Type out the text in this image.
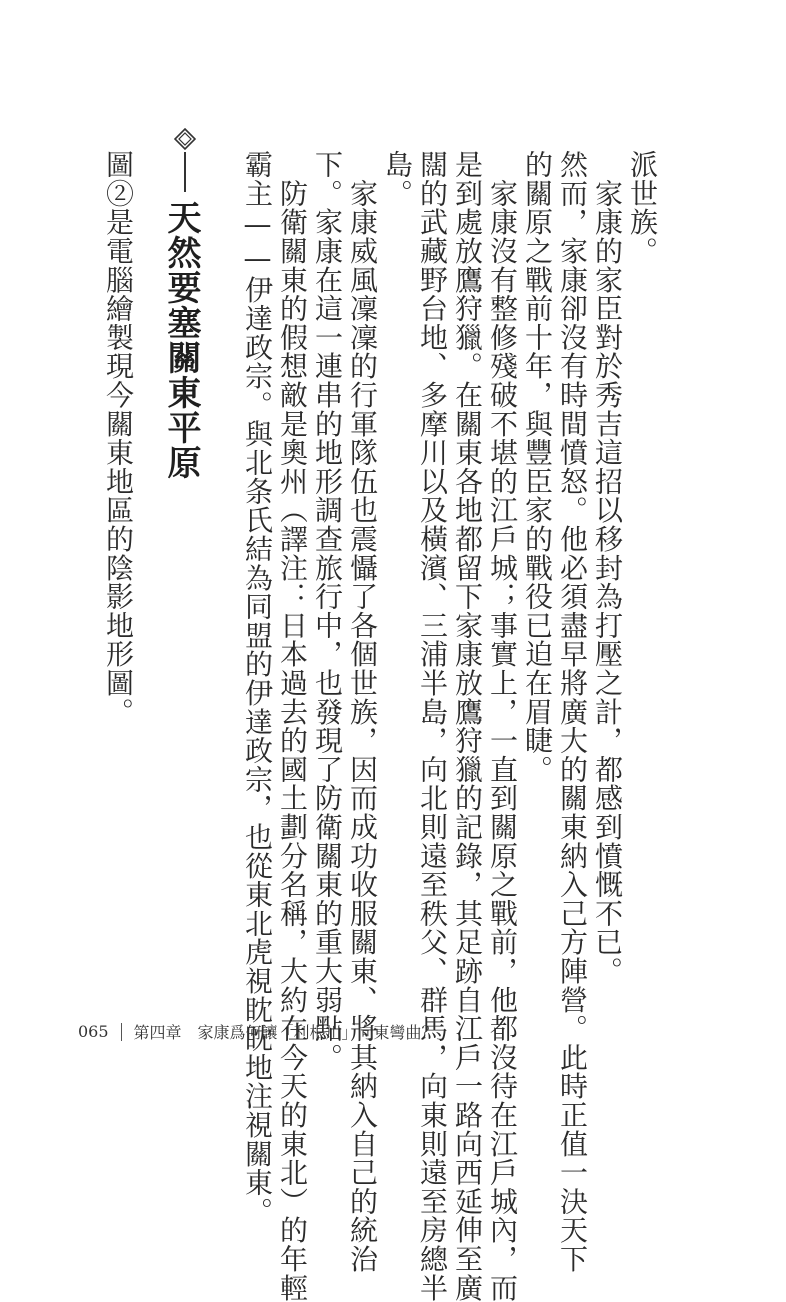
派世族。
　家康的家臣對於秀吉這招以移封為打壓之計，都感到憤慨不已。
然而，家康卻沒有時間憤怒。他必須盡早將廣大的關東納入己方陣營。此時正值一決天下
的關原之戰前十年，與豐臣家的戰役已迫在眉睫。
　家康沒有整修殘破不堪的江戶城；事實上，一直到關原之戰前，他都沒待在江戶城內，而
是到處放鷹狩獵。在關東各地都留下家康放鷹狩獵的記錄，其足跡自江戶一路向西延伸至廣
闊的武藏野台地、多摩川以及橫濱、三浦半島，向北則遠至秩父、群馬，向東則遠至房總半
島。
　家康威風凜凜的行軍隊伍也震懾了各個世族，因而成功收服關東、將其納入自己的統治
下。家康在這一連串的地形調查旅行中，也發現了防衛關東的重大弱點。
　防衛關東的假想敵是奧州（譯注：日本過去的國土劃分名稱，大約在今天的東北）的年輕
霸主——伊達政宗。與北条氏結為同盟的伊達政宗，也從東北虎視眈眈地注視關東。
天然要塞關東平原
圖②是電腦繪製現今關東地區的陰影地形圖。
065 第四章　家康爲何讓「利根川」向東彎曲？
